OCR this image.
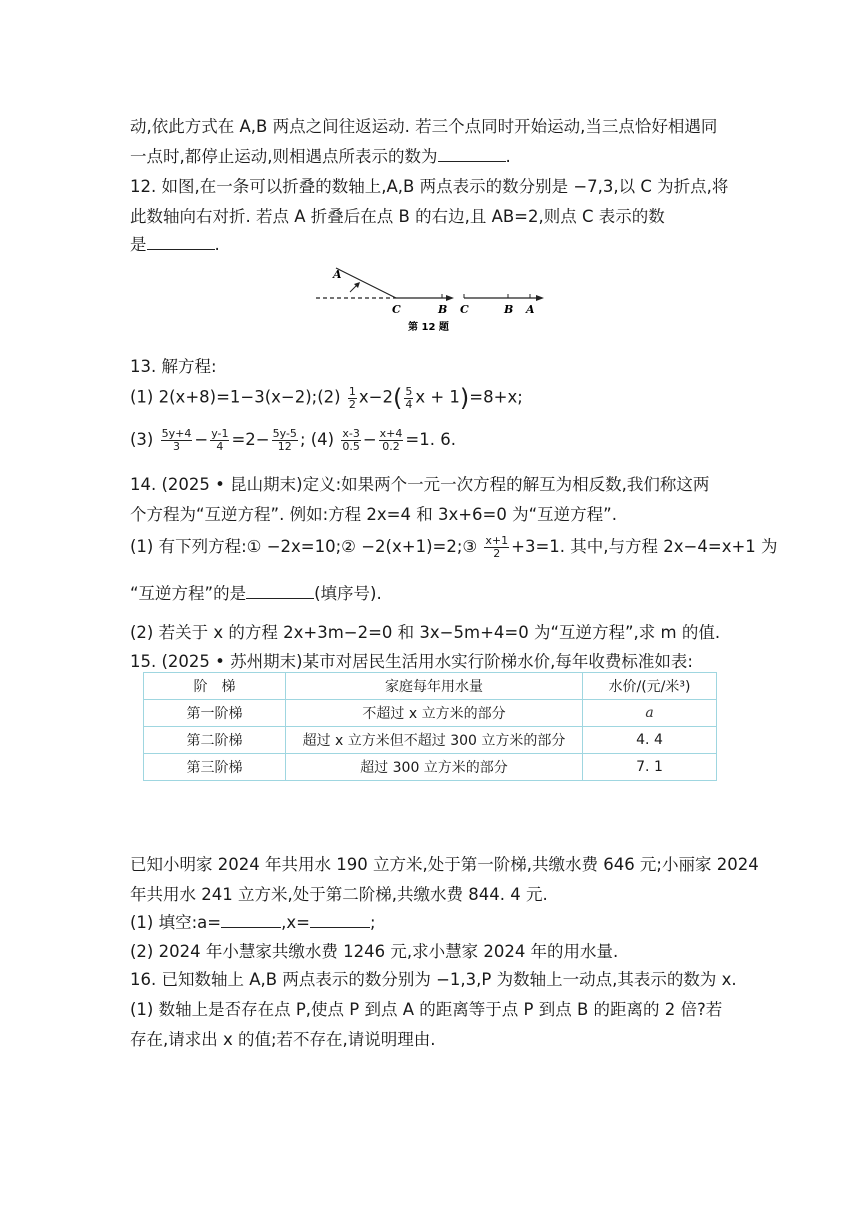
动,依此方式在 A,B 两点之间往返运动. 若三个点同时开始运动,当三点恰好相遇同
一点时,都停止运动,则相遇点所表示的数为	.
12. 如图,在一条可以折叠的数轴上,A,B 两点表示的数分别是 −7,3,以 C 为折点,将
此数轴向右对折. 若点 A 折叠后在点 B 的右边,且 AB=2,则点 C 表示的数
是	.
A
C	B C	B A
第 12 题
13. 解方程:
(1) 2(x+8)=1−3(x−2);(2) $\frac{1}{2} x-2( \frac{5}{4}$ x + 1)=8+x;
$(3) \frac{5y+4}{3} - \frac{y-1}{4} =2- \frac{5y-5}{12}$ ; $(4) \frac{x-3}{0.5} - \frac{x+4}{0.2} =1$. 6.
14. (2025 • 昆山期末)定义:如果两个一元一次方程的解互为相反数,我们称这两
个方程为“互逆方程”. 例如:方程 2x=4 和 3x+6=0 为“互逆方程”.
(1) 有下列方程:① −2x=10;② −2(x+1)=2;③ $\frac{x+1}{2} +3=1$. 其中,与方程 2x−4=x+1 为
“互逆方程”的是	(填序号).
(2) 若关于 x 的方程 2x+3m−2=0 和 3x−5m+4=0 为“互逆方程”,求 m 的值.
15. (2025 • 苏州期末)某市对居民生活用水实行阶梯水价,每年收费标准如表:
阶　梯	家庭每年用水量	水价/(元/米³)
第一阶梯	不超过 x 立方米的部分	a
第二阶梯	超过 x 立方米但不超过 300 立方米的部分	4. 4
第三阶梯	超过 300 立方米的部分	7. 1
已知小明家 2024 年共用水 190 立方米,处于第一阶梯,共缴水费 646 元;小丽家 2024
年共用水 241 立方米,处于第二阶梯,共缴水费 844. 4 元.
(1) 填空:a=	,x=	;
(2) 2024 年小慧家共缴水费 1246 元,求小慧家 2024 年的用水量.
16. 已知数轴上 A,B 两点表示的数分别为 −1,3,P 为数轴上一动点,其表示的数为 x.
(1) 数轴上是否存在点 P,使点 P 到点 A 的距离等于点 P 到点 B 的距离的 2 倍?若
存在,请求出 x 的值;若不存在,请说明理由.
